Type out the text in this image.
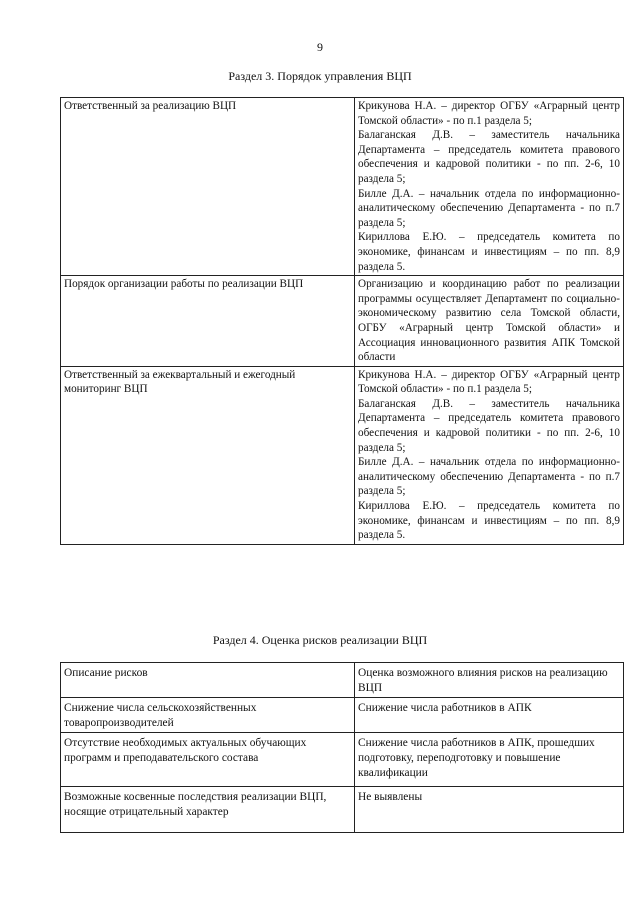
9
Раздел 3. Порядок управления ВЦП
Ответственный за реализацию ВЦП	Крикунова Н.А. – директор ОГБУ «Аграрный центр Томской области» - по п.1 раздела 5;

Балаганская Д.В. – заместитель начальника Департамента – председатель комитета правового обеспечения и кадровой политики - по пп. 2-6, 10 раздела 5;

Билле Д.А. – начальник отдела по информационно-аналитическому обеспечению Департамента - по п.7 раздела 5;

Кириллова Е.Ю. – председатель комитета по экономике, финансам и инвестициям – по пп. 8,9 раздела 5.

Порядок организации работы по реализации ВЦП	Организацию и координацию работ по реализации программы осуществляет Департамент по социально-экономическому развитию села Томской области, ОГБУ «Аграрный центр Томской области» и Ассоциация инновационного развития АПК Томской области

Ответственный за ежеквартальный и ежегодный мониторинг ВЦП	Крикунова Н.А. – директор ОГБУ «Аграрный центр Томской области» - по п.1 раздела 5;

Балаганская Д.В. – заместитель начальника Департамента – председатель комитета правового обеспечения и кадровой политики - по пп. 2-6, 10 раздела 5;

Билле Д.А. – начальник отдела по информационно-аналитическому обеспечению Департамента - по п.7 раздела 5;

Кириллова Е.Ю. – председатель комитета по экономике, финансам и инвестициям – по пп. 8,9 раздела 5.

Раздел 4. Оценка рисков реализации ВЦП
Описание рисков	Оценка возможного влияния рисков на реализацию ВЦП
Снижение числа сельскохозяйственных товаропроизводителей	Снижение числа работников в АПК
Отсутствие необходимых актуальных обучающих программ и преподавательского состава	Снижение числа работников в АПК, прошедших подготовку, переподготовку и повышение квалификации
Возможные косвенные последствия реализации ВЦП, носящие отрицательный характер	Не выявлены
